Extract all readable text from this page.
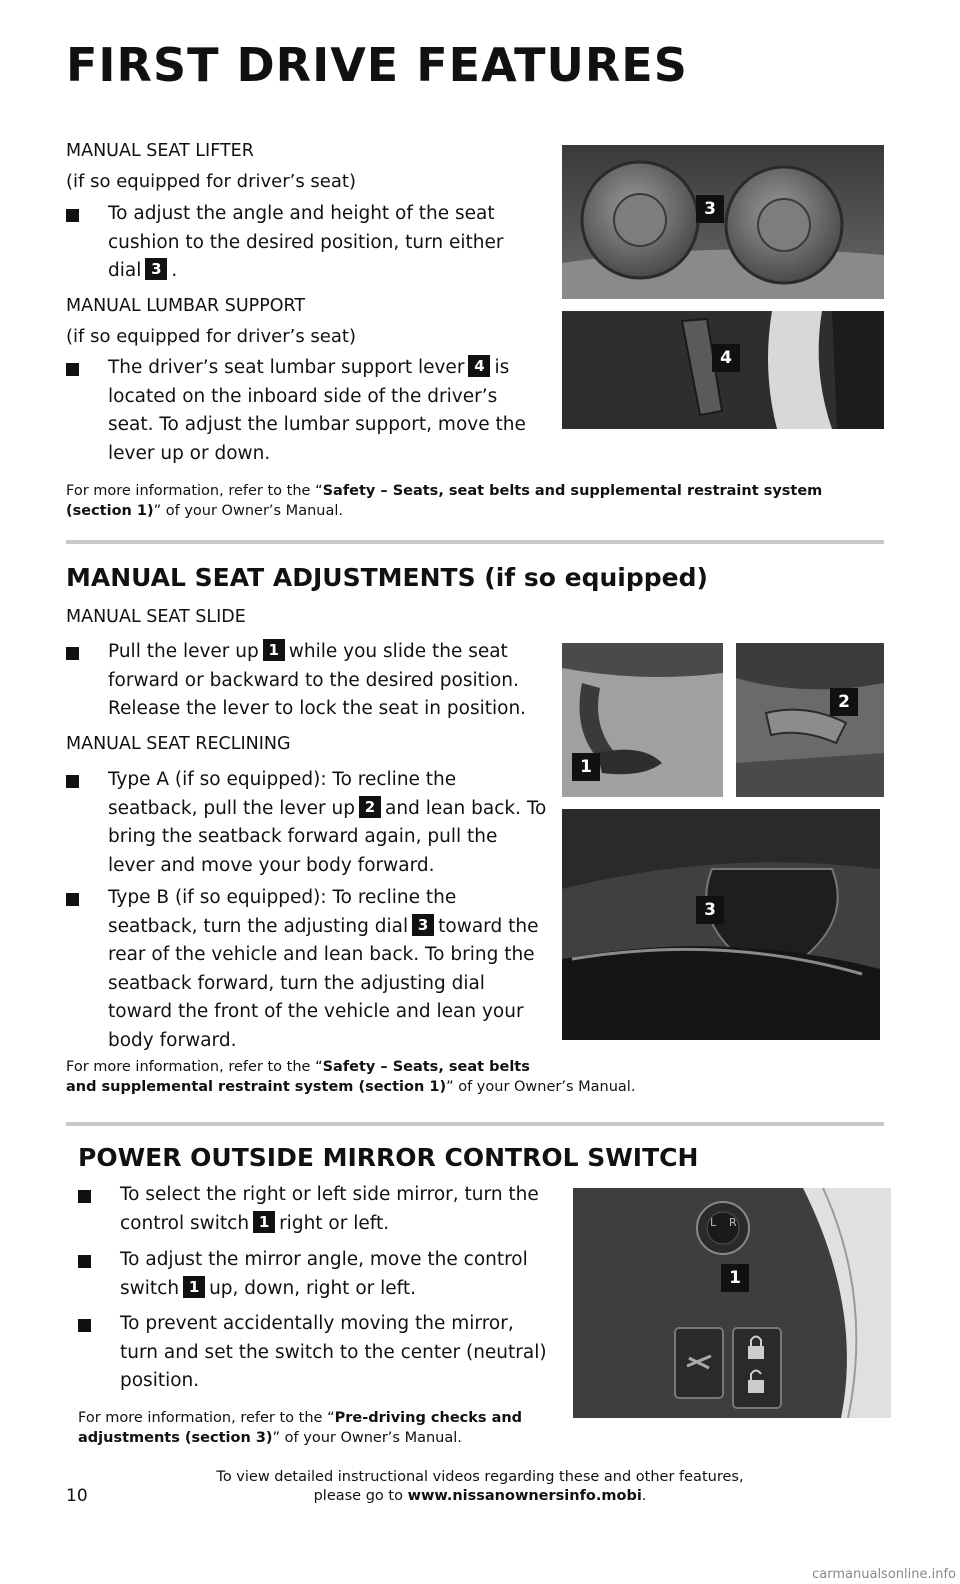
FIRST DRIVE FEATURES
MANUAL SEAT LIFTER
(if so equipped for driver’s seat)
To adjust the angle and height of the seat cushion to the desired position, turn either dial 3 .
MANUAL LUMBAR SUPPORT
(if so equipped for driver’s seat)
The driver’s seat lumbar support lever 4 is located on the inboard side of the driver’s seat. To adjust the lumbar support, move the lever up or down.
3
4
For more information, refer to the “Safety – Seats, seat belts and supplemental restraint system (section 1)” of your Owner’s Manual.
MANUAL SEAT ADJUSTMENTS (if so equipped)
MANUAL SEAT SLIDE
Pull the lever up 1 while you slide the seat forward or backward to the desired position. Release the lever to lock the seat in position.
MANUAL SEAT RECLINING
Type A (if so equipped): To recline the seatback, pull the lever up 2 and lean back. To bring the seatback forward again, pull the lever and move your body forward.
Type B (if so equipped): To recline the seatback, turn the adjusting dial 3 toward the rear of the vehicle and lean back. To bring the seatback forward, turn the adjusting dial toward the front of the vehicle and lean your body forward.
1
2
3
For more information, refer to the “Safety – Seats, seat belts
and supplemental restraint system (section 1)” of your Owner’s Manual.
POWER OUTSIDE MIRROR CONTROL SWITCH
To select the right or left side mirror, turn the control switch 1 right or left.
To adjust the mirror angle, move the control switch 1 up, down, right or left.
To prevent accidentally moving the mirror, turn and set the switch to the center (neutral) position.
L R
1
For more information, refer to the “Pre-driving checks and adjustments (section 3)” of your Owner’s Manual.
10
To view detailed instructional videos regarding these and other features,
please go to www.nissanownersinfo.mobi.
carmanualsonline.info
